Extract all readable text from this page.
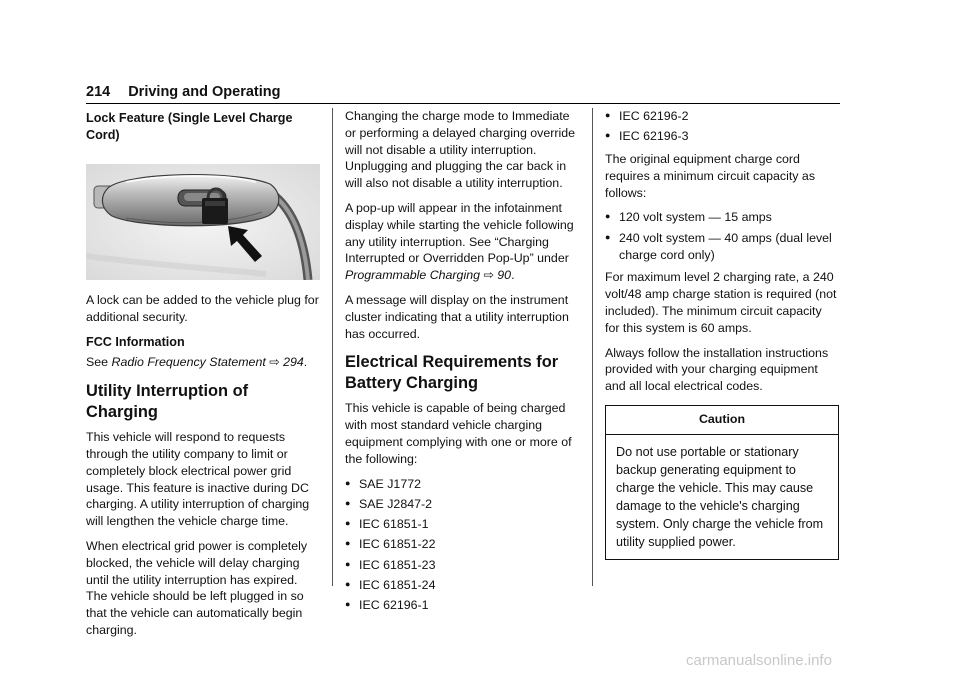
214 Driving and Operating
Lock Feature (Single Level Charge Cord)

A lock can be added to the vehicle plug for additional security.

FCC Information

See Radio Frequency Statement ⇨ 294.

Utility Interruption of Charging

This vehicle will respond to requests through the utility company to limit or completely block electrical power grid usage. This feature is inactive during DC charging. A utility interruption of charging will lengthen the vehicle charge time.

When electrical grid power is completely blocked, the vehicle will delay charging until the utility interruption has expired. The vehicle should be left plugged in so that the vehicle can automatically begin charging.

Changing the charge mode to Immediate or performing a delayed charging override will not disable a utility interruption. Unplugging and plugging the car back in will also not disable a utility interruption.

A pop-up will appear in the infotainment display while starting the vehicle following any utility interruption. See “Charging Interrupted or Overridden Pop-Up” under Programmable Charging ⇨ 90.

A message will display on the instrument cluster indicating that a utility interruption has occurred.

Electrical Requirements for Battery Charging

This vehicle is capable of being charged with most standard vehicle charging equipment complying with one or more of the following:

● SAE J1772
● SAE J2847-2
● IEC 61851-1
● IEC 61851-22
● IEC 61851-23
● IEC 61851-24
● IEC 62196-1
● IEC 62196-2
● IEC 62196-3

The original equipment charge cord requires a minimum circuit capacity as follows:

● 120 volt system — 15 amps
● 240 volt system — 40 amps (dual level charge cord only)

For maximum level 2 charging rate, a 240 volt/48 amp charge station is required (not included). The minimum circuit capacity for this system is 60 amps.

Always follow the installation instructions provided with your charging equipment and all local electrical codes.

Caution
Do not use portable or stationary backup generating equipment to charge the vehicle. This may cause damage to the vehicle's charging system. Only charge the vehicle from utility supplied power.
carmanualsonline.info
